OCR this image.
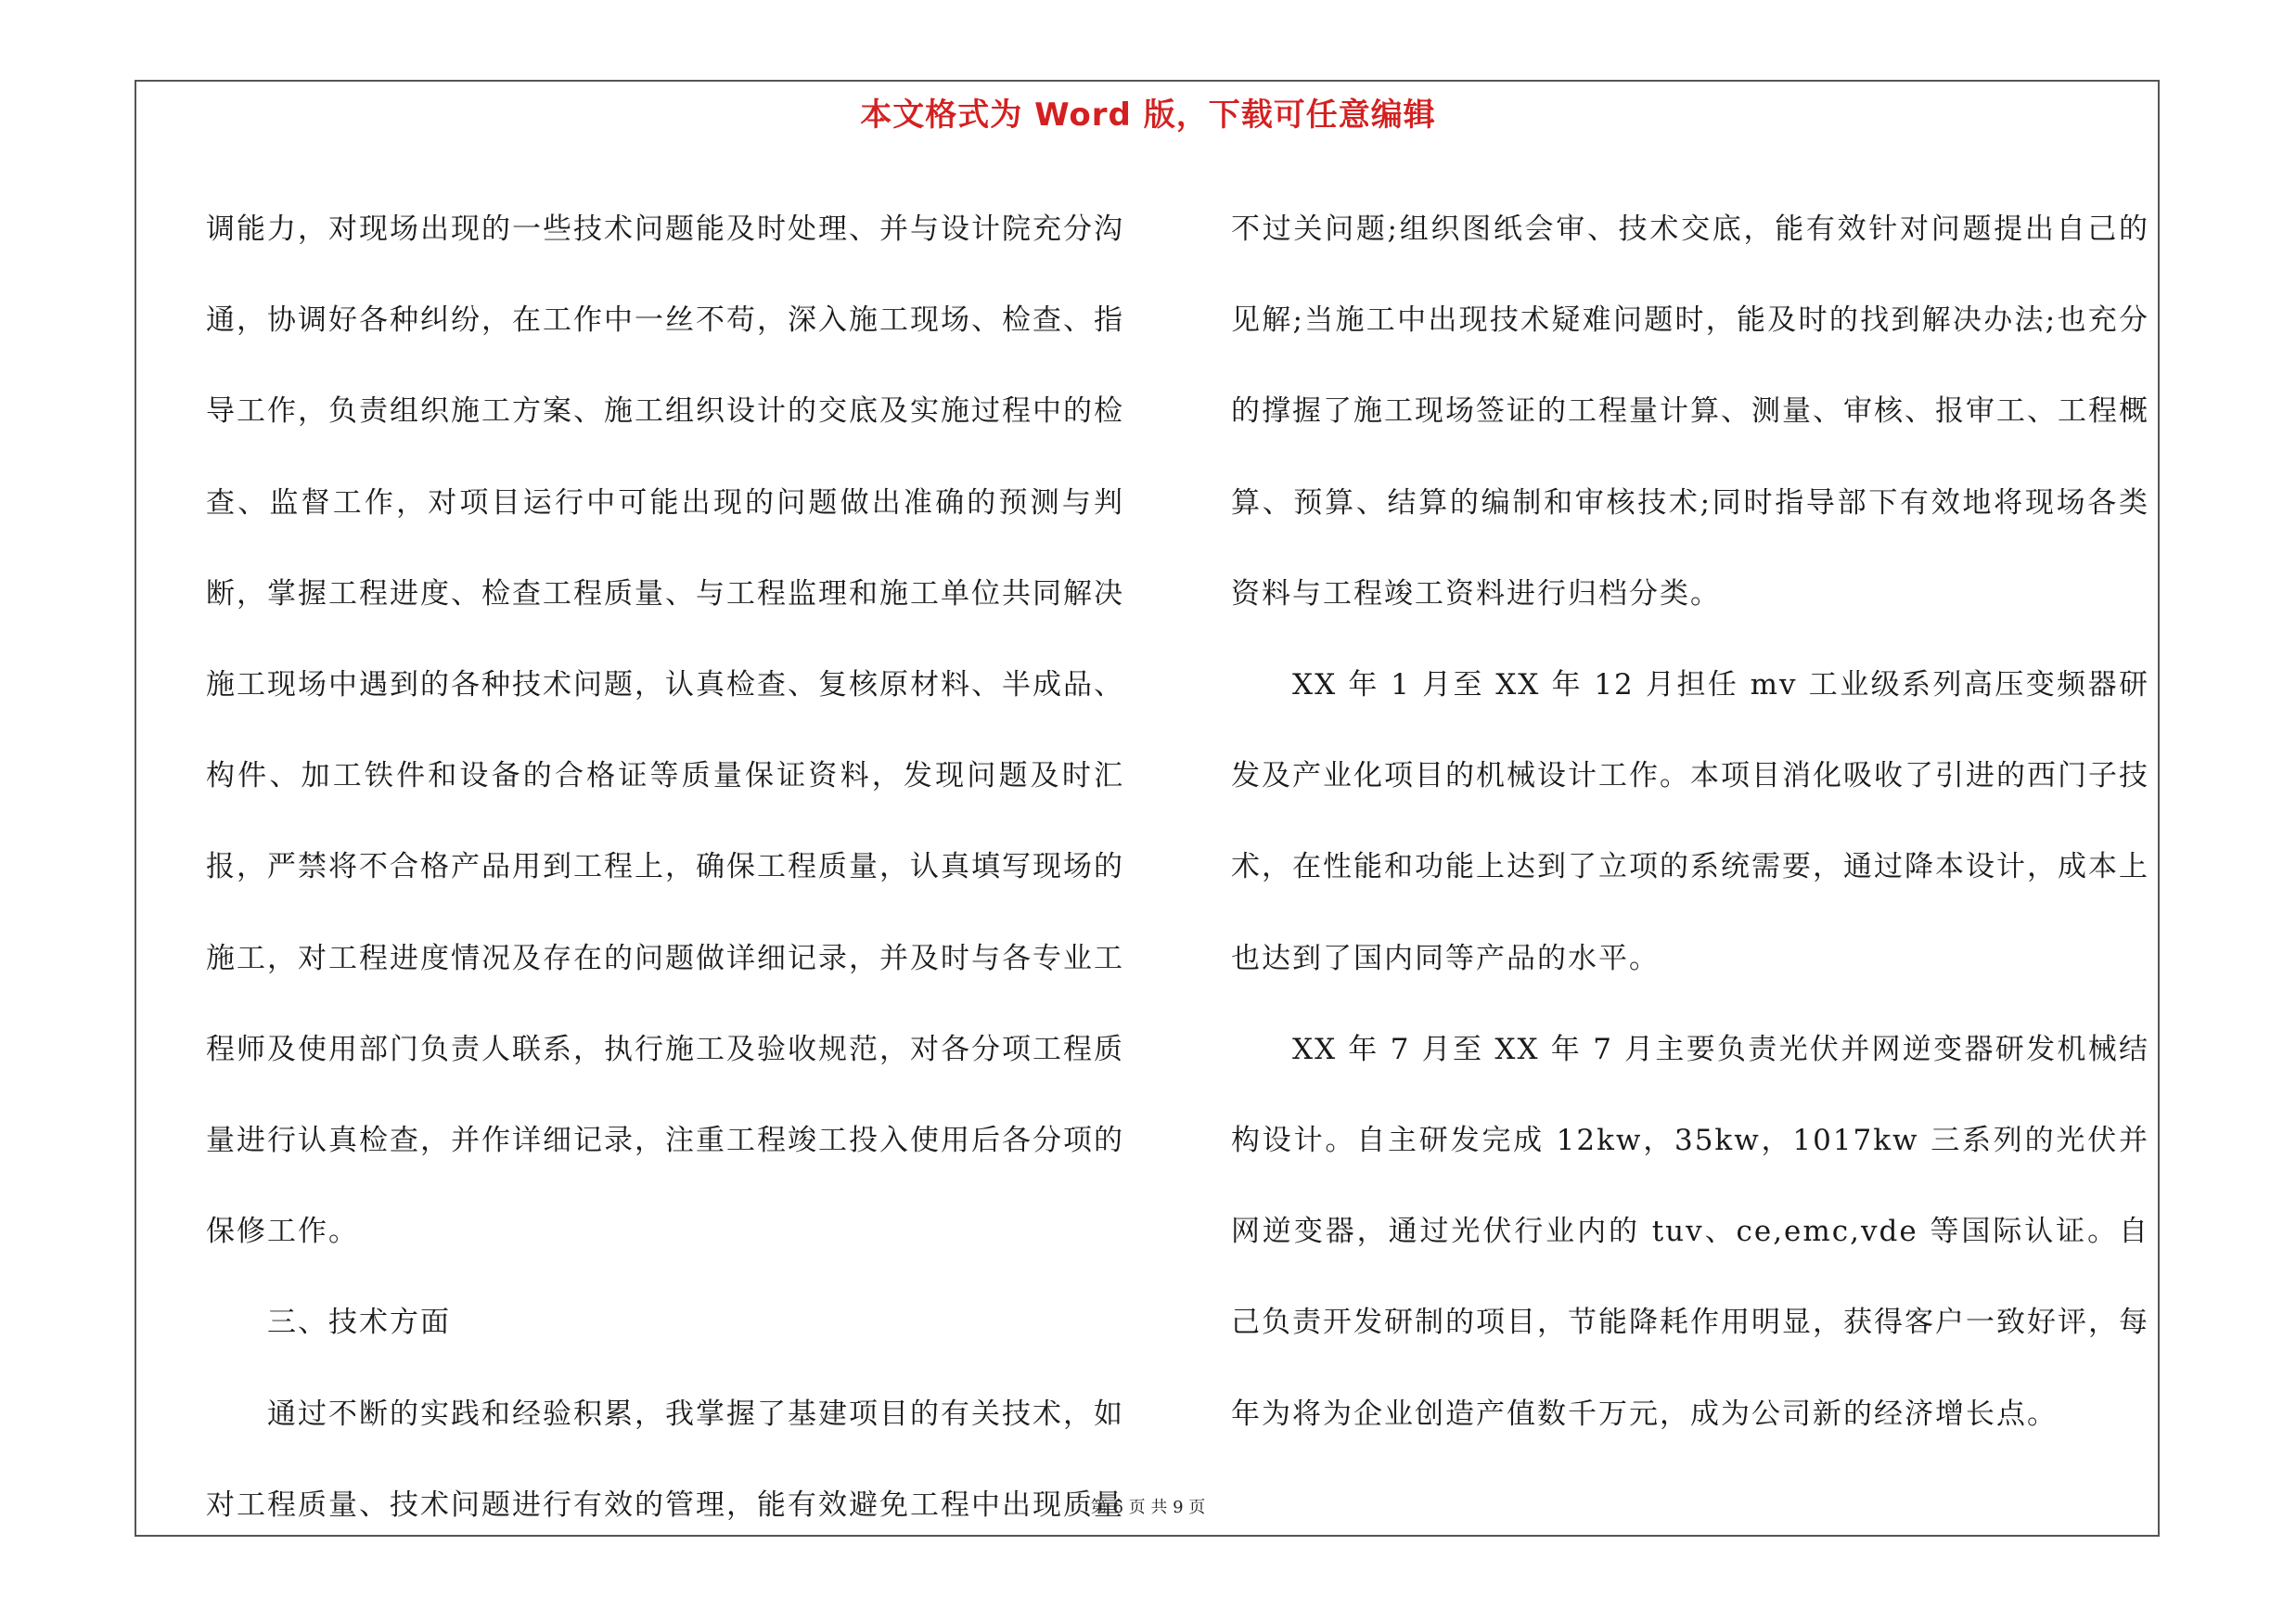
本文格式为 Word 版，下载可任意编辑

调能力，对现场出现的一些技术问题能及时处理、并与设计院充分沟通，协调好各种纠纷，在工作中一丝不苟，深入施工现场、检查、指导工作，负责组织施工方案、施工组织设计的交底及实施过程中的检查、监督工作，对项目运行中可能出现的问题做出准确的预测与判断，掌握工程进度、检查工程质量、与工程监理和施工单位共同解决施工现场中遇到的各种技术问题，认真检查、复核原材料、半成品、构件、加工铁件和设备的合格证等质量保证资料，发现问题及时汇报，严禁将不合格产品用到工程上，确保工程质量，认真填写现场的施工，对工程进度情况及存在的问题做详细记录，并及时与各专业工程师及使用部门负责人联系，执行施工及验收规范，对各分项工程质量进行认真检查，并作详细记录，注重工程竣工投入使用后各分项的保修工作。

三、技术方面

通过不断的实践和经验积累，我掌握了基建项目的有关技术，如对工程质量、技术问题进行有效的管理，能有效避免工程中出现质量

不过关问题;组织图纸会审、技术交底，能有效针对问题提出自己的见解;当施工中出现技术疑难问题时，能及时的找到解决办法;也充分的撑握了施工现场签证的工程量计算、测量、审核、报审工、工程概算、预算、结算的编制和审核技术;同时指导部下有效地将现场各类资料与工程竣工资料进行归档分类。

XX 年 1 月至 XX 年 12 月担任 mv 工业级系列高压变频器研发及产业化项目的机械设计工作。本项目消化吸收了引进的西门子技术，在性能和功能上达到了立项的系统需要，通过降本设计，成本上也达到了国内同等产品的水平。

XX 年 7 月至 XX 年 7 月主要负责光伏并网逆变器研发机械结构设计。自主研发完成 12kw，35kw，1017kw 三系列的光伏并网逆变器，通过光伏行业内的 tuv、ce,emc,vde 等国际认证。自己负责开发研制的项目，节能降耗作用明显，获得客户一致好评，每年为将为企业创造产值数千万元，成为公司新的经济增长点。

第 6 页 共 9 页
